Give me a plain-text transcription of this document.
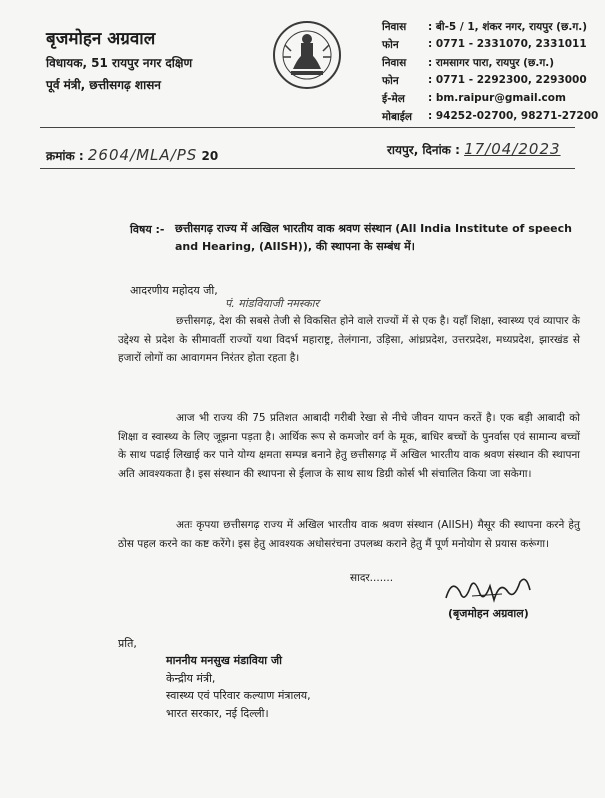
बृजमोहन अग्रवाल
विधायक, 51 रायपुर नगर दक्षिण
पूर्व मंत्री, छत्तीसगढ़ शासन
निवास	: बी-5 / 1, शंकर नगर, रायपुर (छ.ग.)
फोन	: 0771 - 2331070, 2331011
निवास	: रामसागर पारा, रायपुर (छ.ग.)
फोन	: 0771 - 2292300, 2293000
ई-मेल	: bm.raipur@gmail.com
मोबाईल	: 94252-02700, 98271-27200
क्रमांक : 2604/MLA/PS 20	रायपुर, दिनांक : 17/04/2023
विषय :- छत्तीसगढ़ राज्य में अखिल भारतीय वाक श्रवण संस्थान (All India Institute of speech and Hearing, (AIISH)), की स्थापना के सम्बंध में।
आदरणीय महोदय जी,
पं. मांडवियाजी नमस्कार
छत्तीसगढ़, देश की सबसे तेजी से विकसित होने वाले राज्यों में से एक है। यहाँ शिक्षा, स्वास्थ्य एवं व्यापार के उद्देश्य से प्रदेश के सीमावर्ती राज्यों यथा विदर्भ महाराष्ट्र, तेलंगाना, उड़िसा, आंध्रप्रदेश, उत्तरप्रदेश, मध्यप्रदेश, झारखंड से हजारों लोगों का आवागमन निरंतर होता रहता है।
आज भी राज्य की 75 प्रतिशत आबादी गरीबी रेखा से नीचे जीवन यापन करतें है। एक बड़ी आबादी को शिक्षा व स्वास्थ्य के लिए जूझना पड़ता है। आर्थिक रूप से कमजोर वर्ग के मूक, बाधिर बच्चों के पुनर्वास एवं सामान्य बच्चों के साथ पढाई लिखाई कर पाने योग्य क्षमता सम्पन्न बनाने हेतु छत्तीसगढ़ में अखिल भारतीय वाक श्रवण संस्थान की स्थापना अति आवश्यकता है। इस संस्थान की स्थापना से ईलाज के साथ साथ डिग्री कोर्स भी संचालित किया जा सकेगा।
अतः कृपया छत्तीसगढ़ राज्य में अखिल भारतीय वाक श्रवण संस्थान (AIISH) मैसूर की स्थापना करने हेतु ठोस पहल करने का कष्ट करेंगे। इस हेतु आवश्यक अधोसरंचना उपलब्ध कराने हेतु मैं पूर्ण मनोयोग से प्रयास करूंगा।
सादर.......
(बृजमोहन अग्रवाल)
प्रति,
माननीय मनसुख मंडाविया जी
केन्द्रीय मंत्री,
स्वास्थ्य एवं परिवार कल्याण मंत्रालय,
भारत सरकार, नई दिल्ली।
